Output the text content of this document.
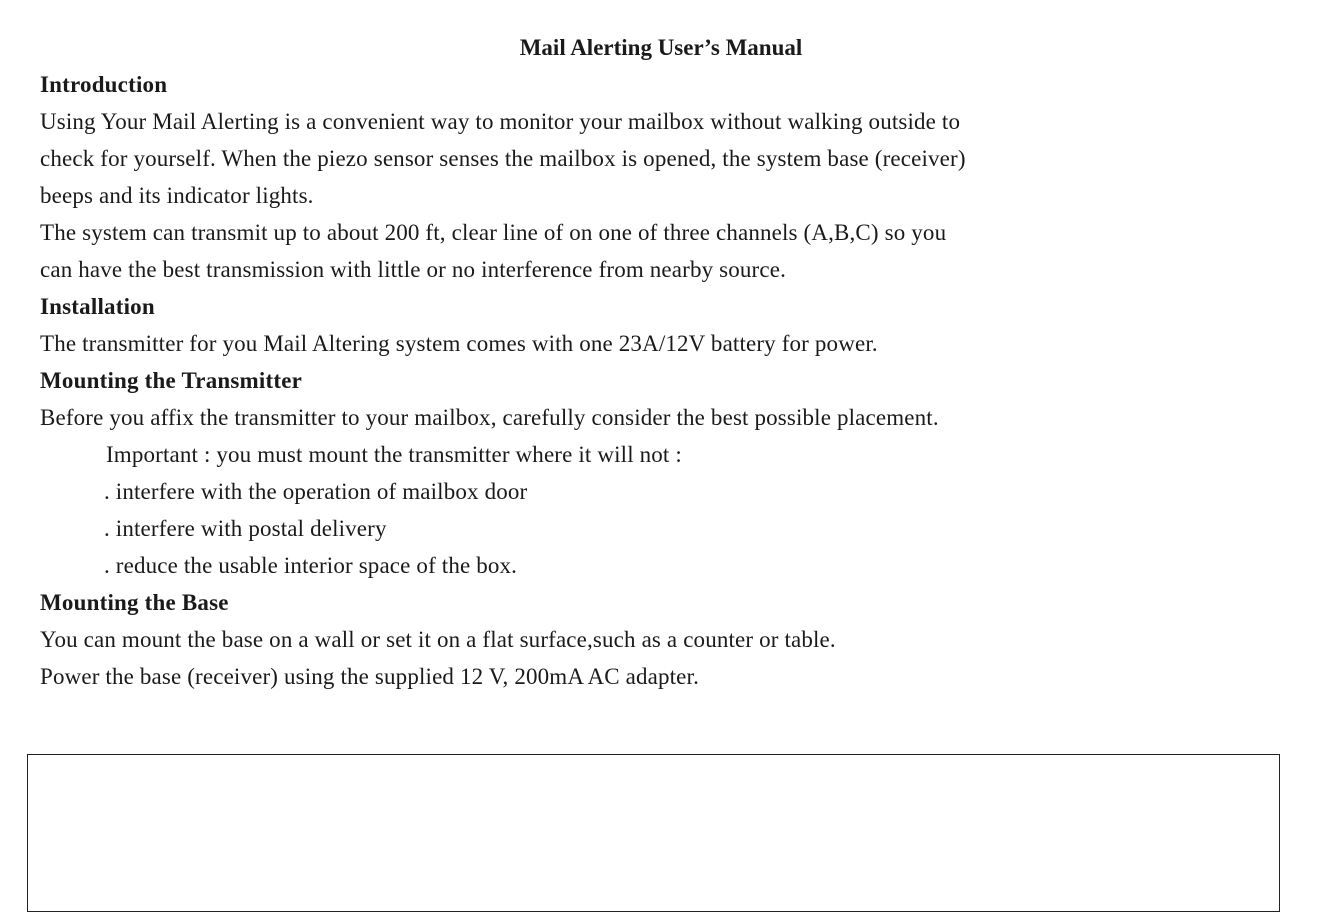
Mail Alerting User’s Manual
Introduction
Using Your Mail Alerting is a convenient way to monitor your mailbox without walking outside to
check for yourself. When the piezo sensor senses the mailbox is opened, the system base (receiver)
beeps and its indicator lights.
The system can transmit up to about 200 ft, clear line of on one of three channels (A,B,C) so you
can have the best transmission with little or no interference from nearby source.
Installation
The transmitter for you Mail Altering system comes with one 23A/12V battery for power.
Mounting the Transmitter
Before you affix the transmitter to your mailbox, carefully consider the best possible placement.
Important : you must mount the transmitter where it will not :
. interfere with the operation of mailbox door
. interfere with postal delivery
. reduce the usable interior space of the box.
Mounting the Base
You can mount the base on a wall or set it on a flat surface,such as a counter or table.
Power the base (receiver) using the supplied 12 V, 200mA AC adapter.
